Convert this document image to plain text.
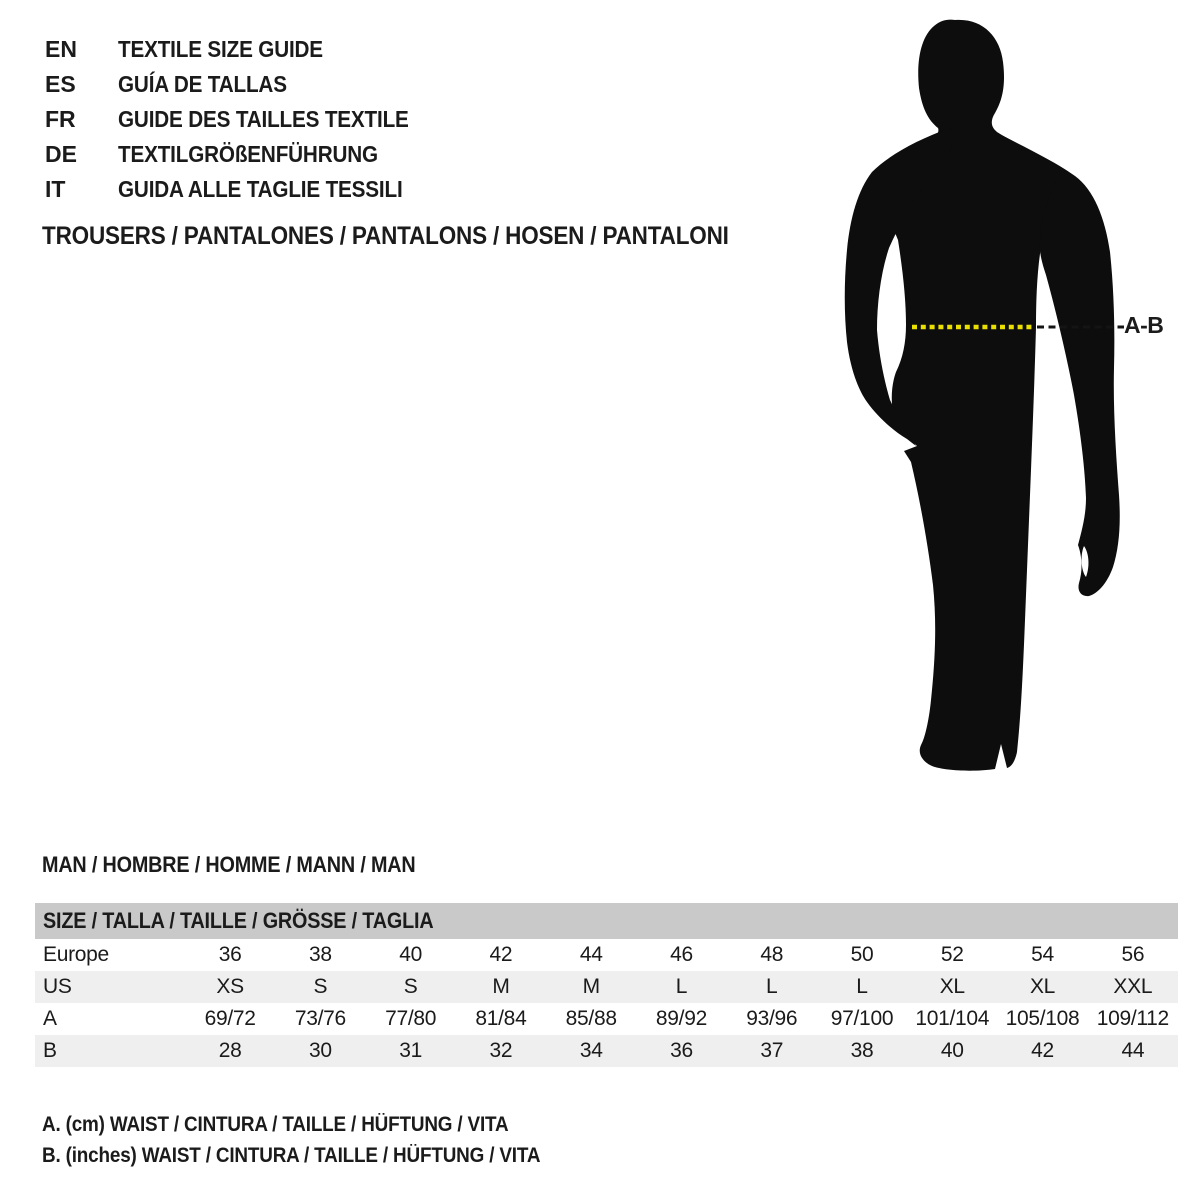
EN TEXTILE SIZE GUIDE
ES GUÍA DE TALLAS
FR GUIDE DES TAILLES TEXTILE
DE TEXTILGRÖßENFÜHRUNG
IT GUIDA ALLE TAGLIE TESSILI
TROUSERS / PANTALONES / PANTALONS / HOSEN / PANTALONI
A-B
MAN / HOMBRE / HOMME / MANN / MAN
SIZE / TALLA / TAILLE / GRÖSSE / TAGLIA											
Europe	36	38	40	42	44	46	48	50	52	54	56
US	XS	S	S	M	M	L	L	L	XL	XL	XXL
A	69/72	73/76	77/80	81/84	85/88	89/92	93/96	97/100	101/104	105/108	109/112
B	28	30	31	32	34	36	37	38	40	42	44
A. (cm) WAIST / CINTURA / TAILLE / HÜFTUNG / VITA
B. (inches) WAIST / CINTURA / TAILLE / HÜFTUNG / VITA
